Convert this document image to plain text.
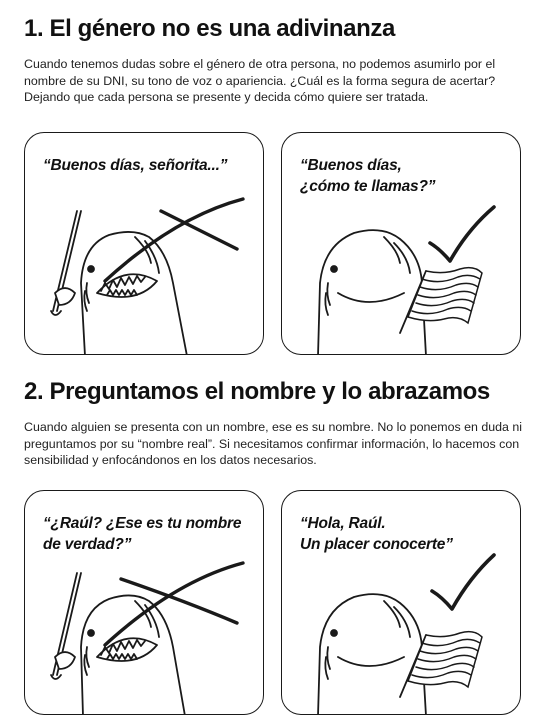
1. El género no es una adivinanza

Cuando tenemos dudas sobre el género de otra persona, no podemos asumirlo por el nombre de su DNI, su tono de voz o apariencia. ¿Cuál es la forma segura de acertar? Dejando que cada persona se presente y decida cómo quiere ser tratada.

“Buenos días, señorita...”	“Buenos días,
¿cómo te llamas?”
2. Preguntamos el nombre y lo abrazamos

Cuando alguien se presenta con un nombre, ese es su nombre. No lo ponemos en duda ni preguntamos por su “nombre real”. Si necesitamos confirmar información, lo hacemos con sensibilidad y enfocándonos en los datos necesarios.

“¿Raúl? ¿Ese es tu nombre
de verdad?”
“Hola, Raúl.
Un placer conocerte”
